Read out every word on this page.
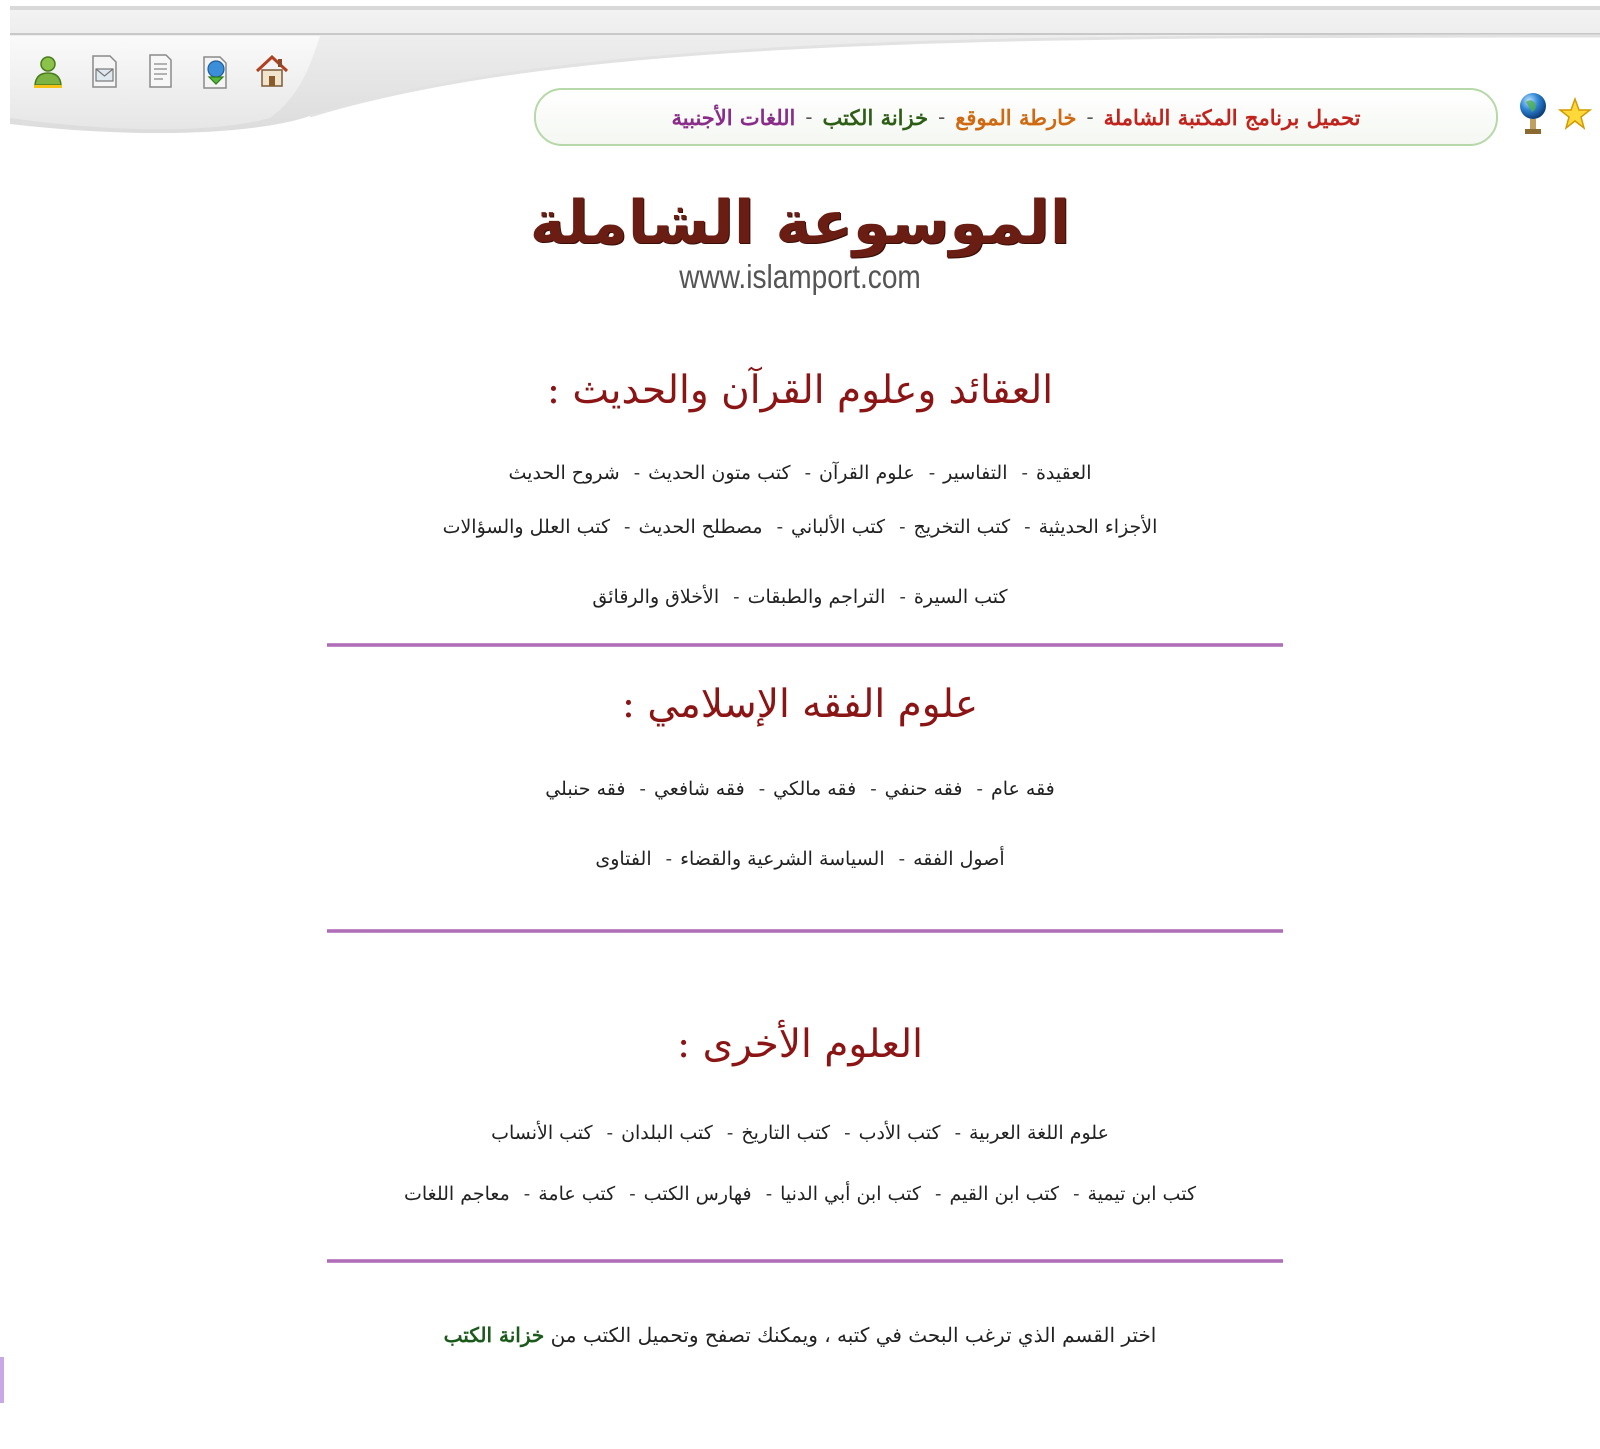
تحميل برنامج المكتبة الشاملة
-
خارطة الموقع
-
خزانة الكتب
-
اللغات الأجنبية
الموسوعة الشاملة
www.islamport.com
العقائد وعلوم القرآن والحديث :
العقيدة- التفاسير- علوم القرآن- كتب متون الحديث- شروح الحديث
الأجزاء الحديثية- كتب التخريج- كتب الألباني- مصطلح الحديث- كتب العلل والسؤالات
كتب السيرة- التراجم والطبقات- الأخلاق والرقائق
علوم الفقه الإسلامي :
فقه عام- فقه حنفي- فقه مالكي- فقه شافعي- فقه حنبلي
أصول الفقه- السياسة الشرعية والقضاء- الفتاوى
العلوم الأخرى :
علوم اللغة العربية- كتب الأدب- كتب التاريخ- كتب البلدان- كتب الأنساب
كتب ابن تيمية- كتب ابن القيم- كتب ابن أبي الدنيا- فهارس الكتب- كتب عامة- معاجم اللغات
اختر القسم الذي ترغب البحث في كتبه ، ويمكنك تصفح وتحميل الكتب من خزانة الكتب
